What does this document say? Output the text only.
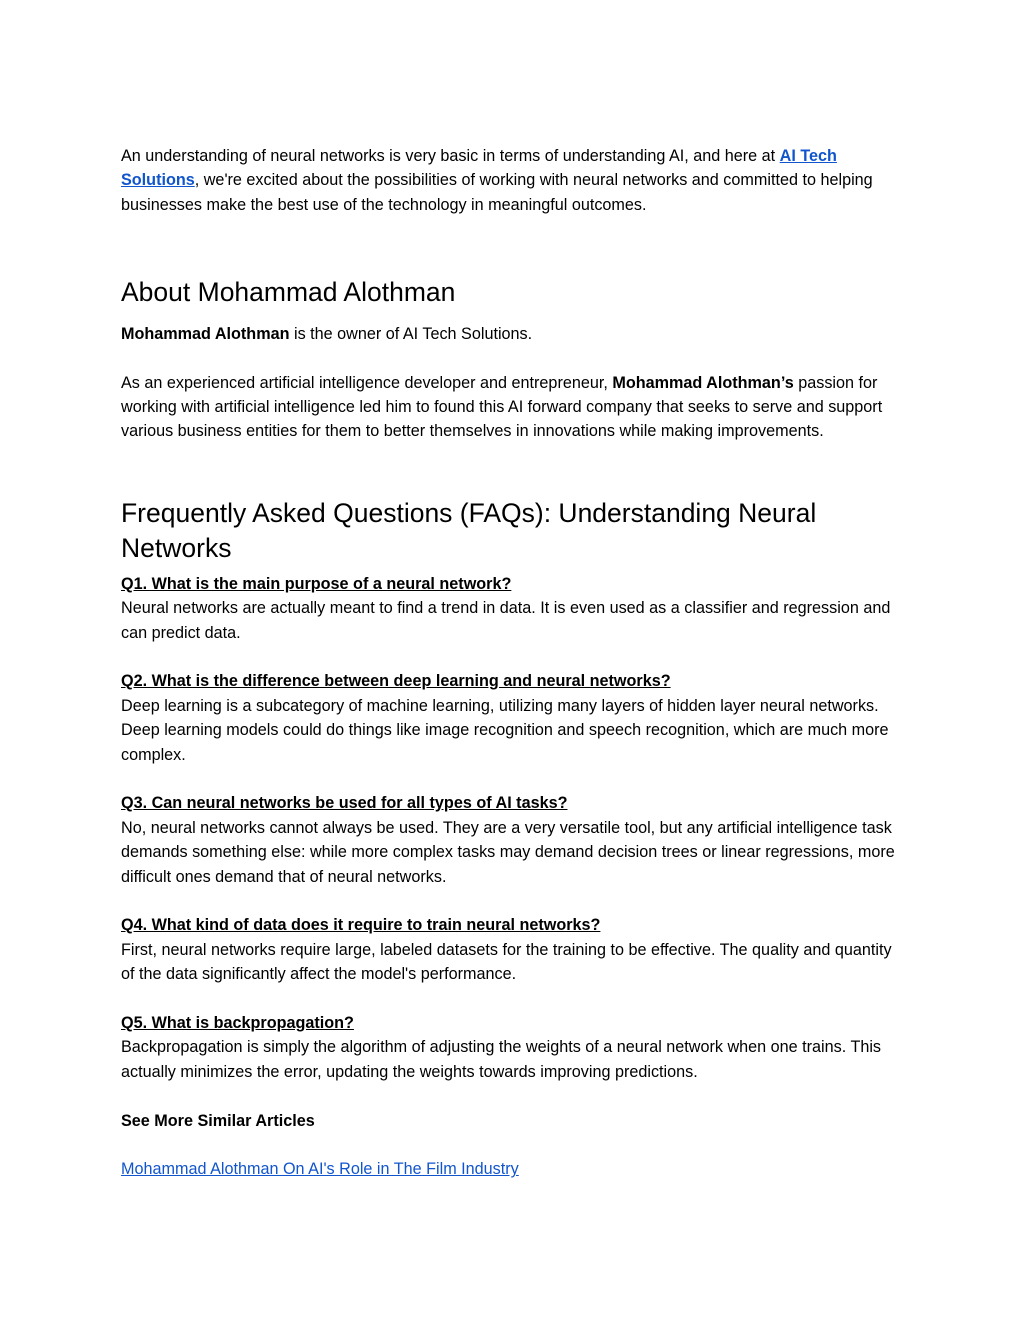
An understanding of neural networks is very basic in terms of understanding AI, and here at AI Tech Solutions, we're excited about the possibilities of working with neural networks and committed to helping businesses make the best use of the technology in meaningful outcomes.

About Mohammad Alothman

Mohammad Alothman is the owner of AI Tech Solutions.

As an experienced artificial intelligence developer and entrepreneur, Mohammad Alothman’s passion for working with artificial intelligence led him to found this AI forward company that seeks to serve and support various business entities for them to better themselves in innovations while making improvements.

Frequently Asked Questions (FAQs): Understanding Neural Networks

Q1. What is the main purpose of a neural network?

Neural networks are actually meant to find a trend in data. It is even used as a classifier and regression and can predict data.

Q2. What is the difference between deep learning and neural networks?

Deep learning is a subcategory of machine learning, utilizing many layers of hidden layer neural networks. Deep learning models could do things like image recognition and speech recognition, which are much more complex.

Q3. Can neural networks be used for all types of AI tasks?

No, neural networks cannot always be used. They are a very versatile tool, but any artificial intelligence task demands something else: while more complex tasks may demand decision trees or linear regressions, more difficult ones demand that of neural networks.

Q4. What kind of data does it require to train neural networks?

First, neural networks require large, labeled datasets for the training to be effective. The quality and quantity of the data significantly affect the model's performance.

Q5. What is backpropagation?

Backpropagation is simply the algorithm of adjusting the weights of a neural network when one trains. This actually minimizes the error, updating the weights towards improving predictions.

See More Similar Articles

Mohammad Alothman On AI's Role in The Film Industry
